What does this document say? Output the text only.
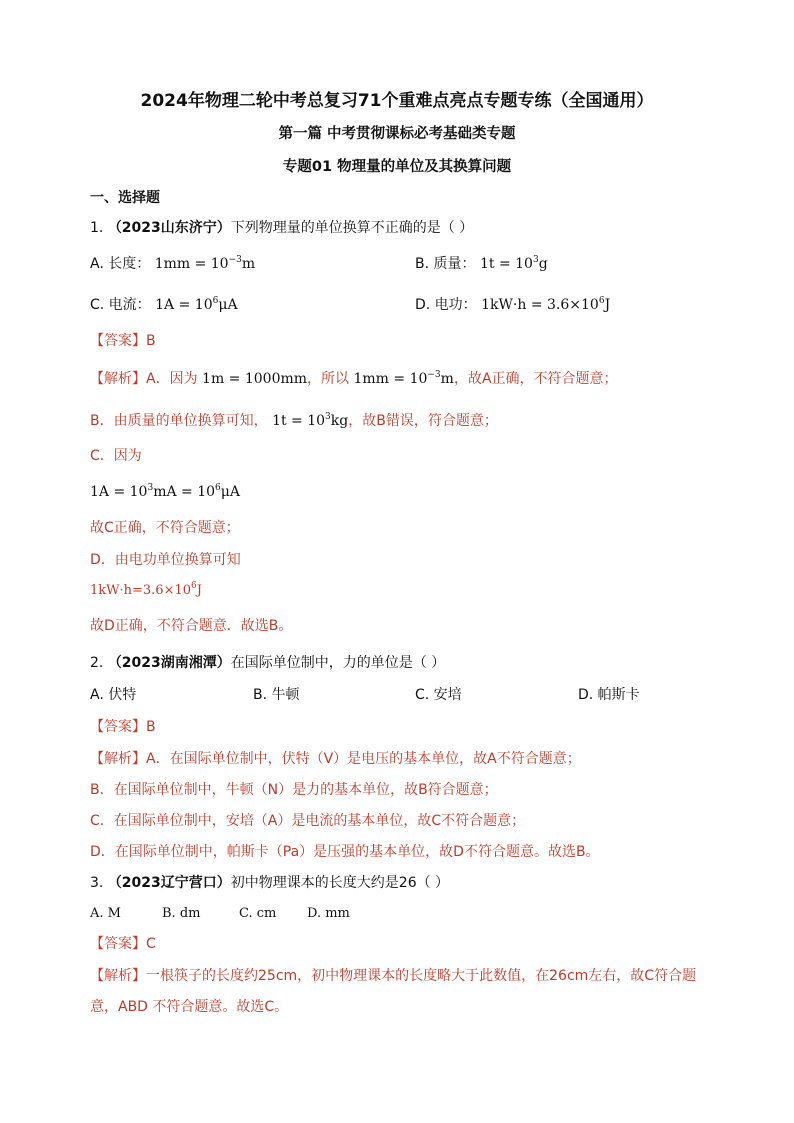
2024年物理二轮中考总复习71个重难点亮点专题专练（全国通用）
第一篇 中考贯彻课标必考基础类专题
专题01 物理量的单位及其换算问题
一、选择题
1. （2023山东济宁）下列物理量的单位换算不正确的是（ ）
A. 长度： $1mm = 10^{-3}m$	B. 质量： $1t = 10^3g$
C. 电流： $1A = 10^6\mu A$	D. 电功： $1kW\cdot h = 3.6\times 10^6J$
【答案】B
【解析】A．因为 1m = 1000mm，所以 $1mm = 10^{-3}m$，故A正确，不符合题意；
B．由质量的单位换算可知， $1t = 10^3kg$，故B错误，符合题意；
C．因为
$1A = 10^3mA = 10^6\mu A$
故C正确，不符合题意；
D．由电功单位换算可知
$1kW\cdot h=3.6\times 10^6J$
故D正确，不符合题意．故选B。
2. （2023湖南湘潭）在国际单位制中，力的单位是（ ）
A. 伏特	B. 牛顿	C. 安培	D. 帕斯卡
【答案】B
【解析】A．在国际单位制中，伏特（V）是电压的基本单位，故A不符合题意；
B．在国际单位制中，牛顿（N）是力的基本单位，故B符合题意；
C．在国际单位制中，安培（A）是电流的基本单位，故C不符合题意；
D．在国际单位制中，帕斯卡（Pa）是压强的基本单位，故D不符合题意。故选B。
3. （2023辽宁营口）初中物理课本的长度大约是26（ ）
A. M	B. dm	C. cm D. mm
【答案】C
【解析】一根筷子的长度约25cm，初中物理课本的长度略大于此数值，在26cm左右，故C符合题
意，ABD 不符合题意。故选C。
